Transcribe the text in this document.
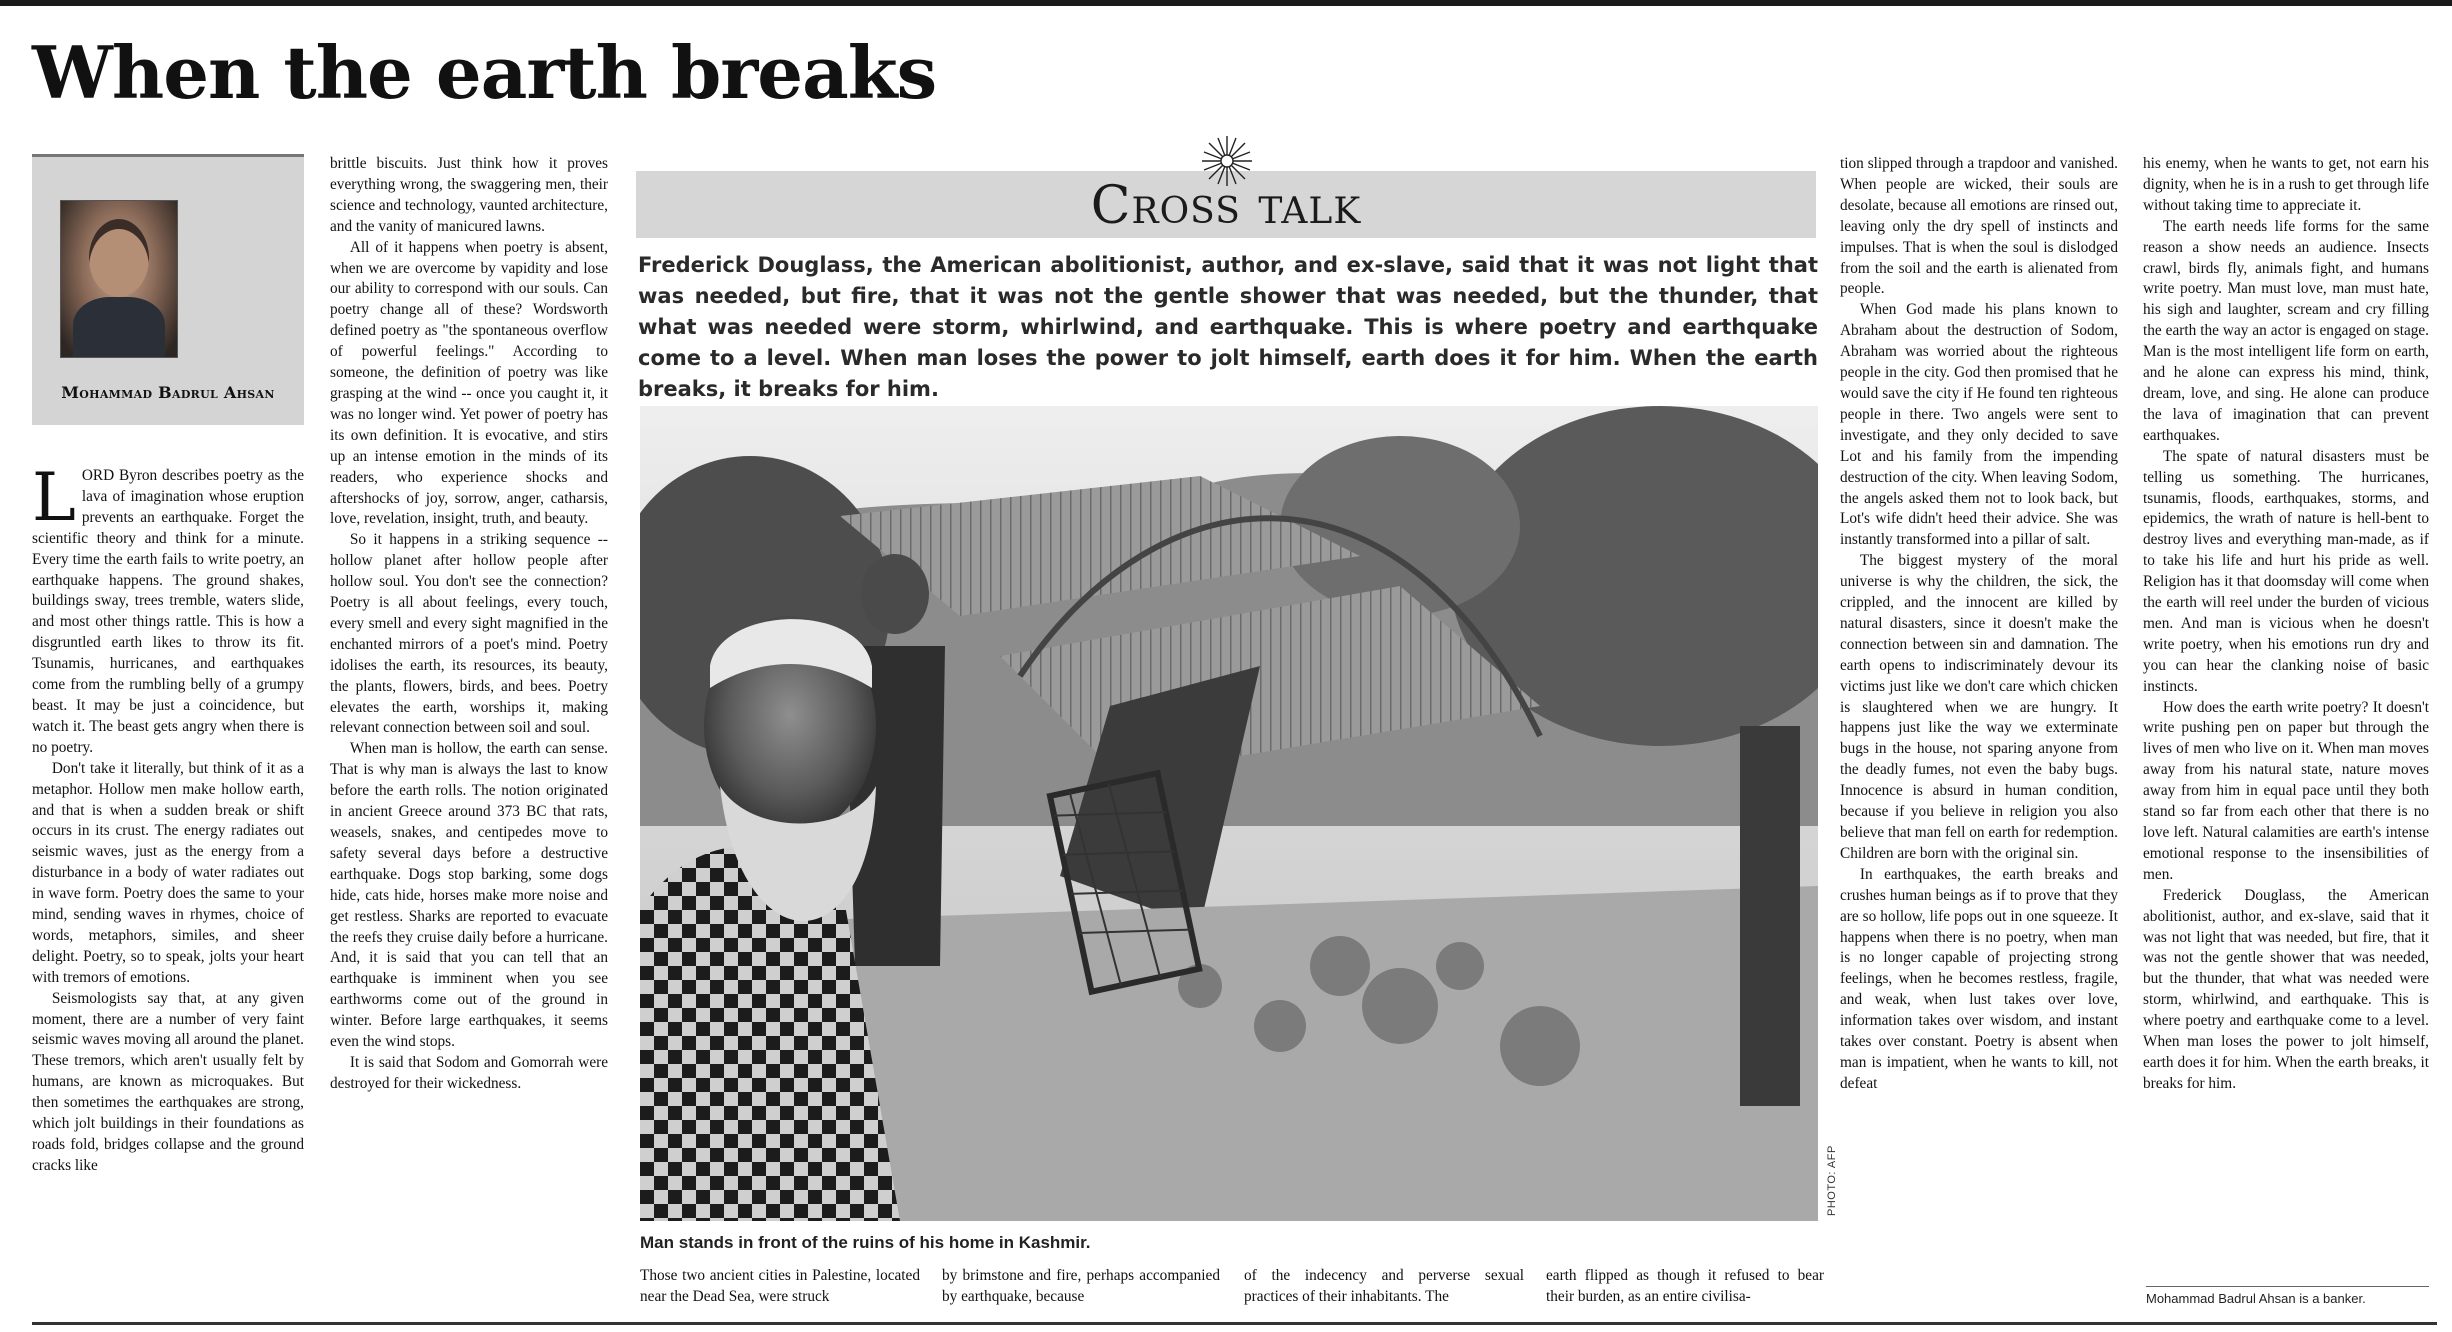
When the earth breaks
Mohammad Badrul Ahsan

LORD Byron describes poetry as the lava of imagination whose eruption prevents an earthquake. Forget the scientific theory and think for a minute. Every time the earth fails to write poetry, an earthquake happens. The ground shakes, buildings sway, trees tremble, waters slide, and most other things rattle. This is how a disgruntled earth likes to throw its fit. Tsunamis, hurricanes, and earthquakes come from the rumbling belly of a grumpy beast. It may be just a coincidence, but watch it. The beast gets angry when there is no poetry.

Don't take it literally, but think of it as a metaphor. Hollow men make hollow earth, and that is when a sudden break or shift occurs in its crust. The energy radiates out seismic waves, just as the energy from a disturbance in a body of water radiates out in wave form. Poetry does the same to your mind, sending waves in rhymes, choice of words, metaphors, similes, and sheer delight. Poetry, so to speak, jolts your heart with tremors of emotions.

Seismologists say that, at any given moment, there are a number of very faint seismic waves moving all around the planet. These tremors, which aren't usually felt by humans, are known as microquakes. But then sometimes the earthquakes are strong, which jolt buildings in their foundations as roads fold, bridges collapse and the ground cracks like

brittle biscuits. Just think how it proves everything wrong, the swaggering men, their science and technology, vaunted architecture, and the vanity of manicured lawns.

All of it happens when poetry is absent, when we are overcome by vapidity and lose our ability to correspond with our souls. Can poetry change all of these? Wordsworth defined poetry as "the spontaneous overflow of powerful feelings." According to someone, the definition of poetry was like grasping at the wind -- once you caught it, it was no longer wind. Yet power of poetry has its own definition. It is evocative, and stirs up an intense emotion in the minds of its readers, who experience shocks and aftershocks of joy, sorrow, anger, catharsis, love, revelation, insight, truth, and beauty.

So it happens in a striking sequence -- hollow planet after hollow people after hollow soul. You don't see the connection? Poetry is all about feelings, every touch, every smell and every sight magnified in the enchanted mirrors of a poet's mind. Poetry idolises the earth, its resources, its beauty, the plants, flowers, birds, and bees. Poetry elevates the earth, worships it, making relevant connection between soil and soul.

When man is hollow, the earth can sense. That is why man is always the last to know before the earth rolls. The notion originated in ancient Greece around 373 BC that rats, weasels, snakes, and centipedes move to safety several days before a destructive earthquake. Dogs stop barking, some dogs hide, cats hide, horses make more noise and get restless. Sharks are reported to evacuate the reefs they cruise daily before a hurricane. And, it is said that you can tell that an earthquake is imminent when you see earthworms come out of the ground in winter. Before large earthquakes, it seems even the wind stops.

It is said that Sodom and Gomorrah were destroyed for their wickedness.

Cross talk

Frederick Douglass, the American abolitionist, author, and ex-slave, said that it was not light that was needed, but fire, that it was not the gentle shower that was needed, but the thunder, that what was needed were storm, whirlwind, and earthquake. This is where poetry and earthquake come to a level. When man loses the power to jolt himself, earth does it for him. When the earth breaks, it breaks for him.

PHOTO: AFP
Man stands in front of the ruins of his home in Kashmir.

Those two ancient cities in Palestine, located near the Dead Sea, were struck

by brimstone and fire, perhaps accompanied by earthquake, because

of the indecency and perverse sexual practices of their inhabitants. The

earth flipped as though it refused to bear their burden, as an entire civilisa-

tion slipped through a trapdoor and vanished. When people are wicked, their souls are desolate, because all emotions are rinsed out, leaving only the dry spell of instincts and impulses. That is when the soul is dislodged from the soil and the earth is alienated from people.

When God made his plans known to Abraham about the destruction of Sodom, Abraham was worried about the righteous people in the city. God then promised that he would save the city if He found ten righteous people in there. Two angels were sent to investigate, and they only decided to save Lot and his family from the impending destruction of the city. When leaving Sodom, the angels asked them not to look back, but Lot's wife didn't heed their advice. She was instantly transformed into a pillar of salt.

The biggest mystery of the moral universe is why the children, the sick, the crippled, and the innocent are killed by natural disasters, since it doesn't make the connection between sin and damnation. The earth opens to indiscriminately devour its victims just like we don't care which chicken is slaughtered when we are hungry. It happens just like the way we exterminate bugs in the house, not sparing anyone from the deadly fumes, not even the baby bugs. Innocence is absurd in human condition, because if you believe in religion you also believe that man fell on earth for redemption. Children are born with the original sin.

In earthquakes, the earth breaks and crushes human beings as if to prove that they are so hollow, life pops out in one squeeze. It happens when there is no poetry, when man is no longer capable of projecting strong feelings, when he becomes restless, fragile, and weak, when lust takes over love, information takes over wisdom, and instant takes over constant. Poetry is absent when man is impatient, when he wants to kill, not defeat

his enemy, when he wants to get, not earn his dignity, when he is in a rush to get through life without taking time to appreciate it.

The earth needs life forms for the same reason a show needs an audience. Insects crawl, birds fly, animals fight, and humans write poetry. Man must love, man must hate, his sigh and laughter, scream and cry filling the earth the way an actor is engaged on stage. Man is the most intelligent life form on earth, and he alone can express his mind, think, dream, love, and sing. He alone can produce the lava of imagination that can prevent earthquakes.

The spate of natural disasters must be telling us something. The hurricanes, tsunamis, floods, earthquakes, storms, and epidemics, the wrath of nature is hell-bent to destroy lives and everything man-made, as if to take his life and hurt his pride as well. Religion has it that doomsday will come when the earth will reel under the burden of vicious men. And man is vicious when he doesn't write poetry, when his emotions run dry and you can hear the clanking noise of basic instincts.

How does the earth write poetry? It doesn't write pushing pen on paper but through the lives of men who live on it. When man moves away from his natural state, nature moves away from him in equal pace until they both stand so far from each other that there is no love left. Natural calamities are earth's intense emotional response to the insensibilities of men.

Frederick Douglass, the American abolitionist, author, and ex-slave, said that it was not light that was needed, but fire, that it was not the gentle shower that was needed, but the thunder, that what was needed were storm, whirlwind, and earthquake. This is where poetry and earthquake come to a level. When man loses the power to jolt himself, earth does it for him. When the earth breaks, it breaks for him.

Mohammad Badrul Ahsan is a banker.
